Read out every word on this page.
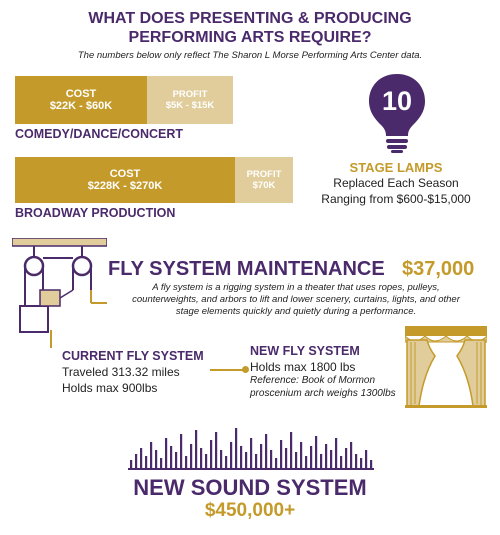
WHAT DOES PRESENTING & PRODUCING
PERFORMING ARTS REQUIRE?
The numbers below only reflect The Sharon L Morse Performing Arts Center data.
COST
$22K - $60K
PROFIT
$5K - $15K
COMEDY/DANCE/CONCERT
COST
$228K - $270K
PROFIT
$70K
BROADWAY PRODUCTION
10
STAGE LAMPS
Replaced Each Season
Ranging from $600-$15,000
FLY SYSTEM MAINTENANCE $37,000
A fly system is a rigging system in a theater that uses ropes, pulleys,
counterweights, and arbors to lift and lower scenery, curtains, lights, and other
stage elements quickly and quietly during a performance.
CURRENT FLY SYSTEM
Traveled 313.32 miles
Holds max 900lbs
NEW FLY SYSTEM
Holds max 1800 lbs
Reference: Book of Mormon
proscenium arch weighs 1300lbs
NEW SOUND SYSTEM
$450,000+
